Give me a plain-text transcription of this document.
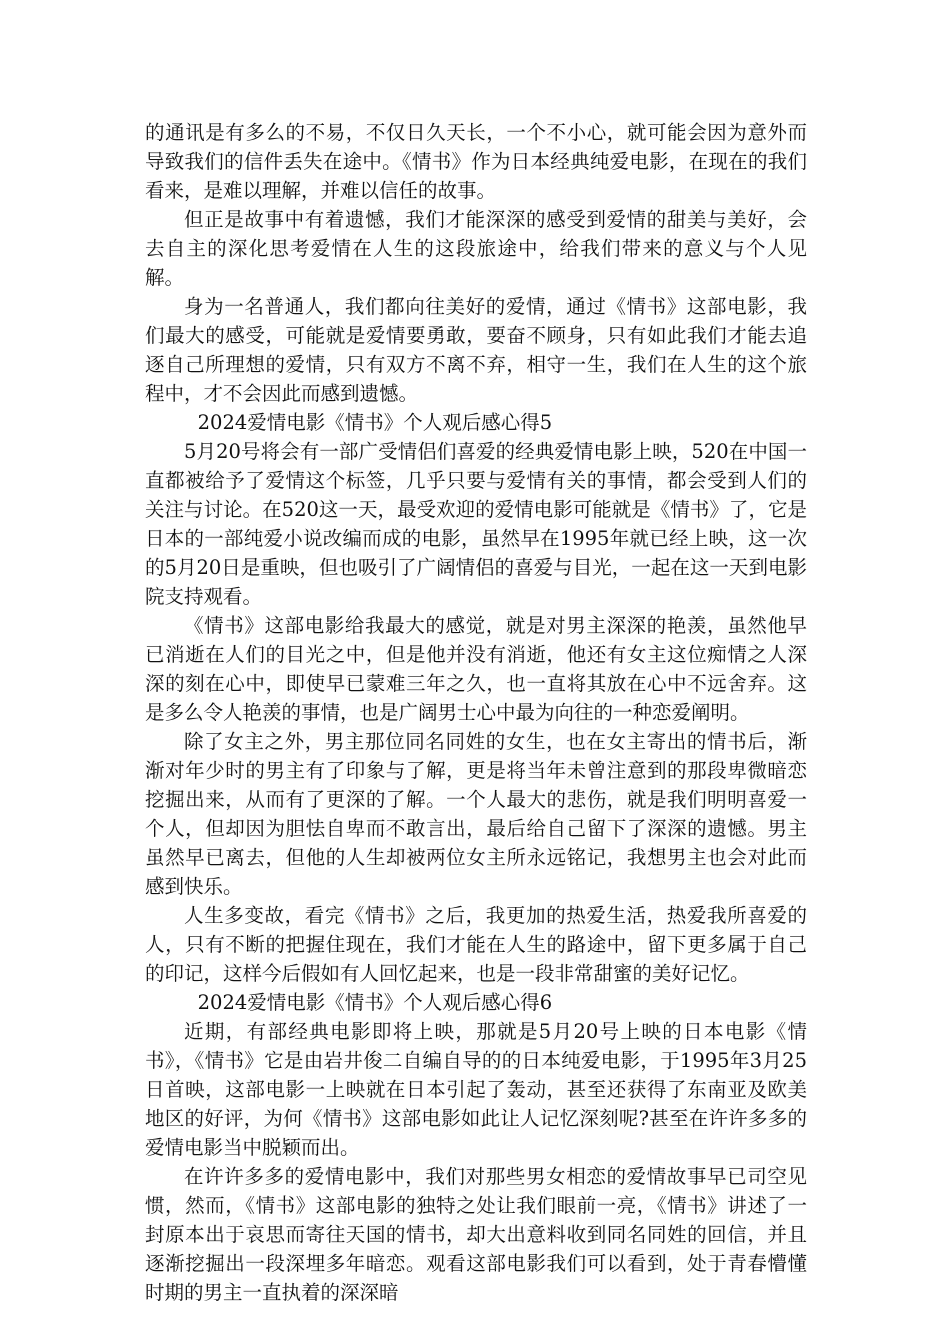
的通讯是有多么的不易，不仅日久天长，一个不小心，就可能会因为意外而导致我们的信件丢失在途中。《情书》作为日本经典纯爱电影，在现在的我们看来，是难以理解，并难以信任的故事。

但正是故事中有着遗憾，我们才能深深的感受到爱情的甜美与美好，会去自主的深化思考爱情在人生的这段旅途中，给我们带来的意义与个人见解。

身为一名普通人，我们都向往美好的爱情，通过《情书》这部电影，我们最大的感受，可能就是爱情要勇敢，要奋不顾身，只有如此我们才能去追逐自己所理想的爱情，只有双方不离不弃，相守一生，我们在人生的这个旅程中，才不会因此而感到遗憾。

2024爱情电影《情书》个人观后感心得5

5月20号将会有一部广受情侣们喜爱的经典爱情电影上映，520在中国一直都被给予了爱情这个标签，几乎只要与爱情有关的事情，都会受到人们的关注与讨论。在520这一天，最受欢迎的爱情电影可能就是《情书》了，它是日本的一部纯爱小说改编而成的电影，虽然早在1995年就已经上映，这一次的5月20日是重映，但也吸引了广阔情侣的喜爱与目光，一起在这一天到电影院支持观看。

《情书》这部电影给我最大的感觉，就是对男主深深的艳羡，虽然他早已消逝在人们的目光之中，但是他并没有消逝，他还有女主这位痴情之人深深的刻在心中，即使早已蒙难三年之久，也一直将其放在心中不远舍弃。这是多么令人艳羡的事情，也是广阔男士心中最为向往的一种恋爱阐明。

除了女主之外，男主那位同名同姓的女生，也在女主寄出的情书后，渐渐对年少时的男主有了印象与了解，更是将当年未曾注意到的那段卑微暗恋挖掘出来，从而有了更深的了解。一个人最大的悲伤，就是我们明明喜爱一个人，但却因为胆怯自卑而不敢言出，最后给自己留下了深深的遗憾。男主虽然早已离去，但他的人生却被两位女主所永远铭记，我想男主也会对此而感到快乐。

人生多变故，看完《情书》之后，我更加的热爱生活，热爱我所喜爱的人，只有不断的把握住现在，我们才能在人生的路途中，留下更多属于自己的印记，这样今后假如有人回忆起来，也是一段非常甜蜜的美好记忆。

2024爱情电影《情书》个人观后感心得6

近期，有部经典电影即将上映，那就是5月20号上映的日本电影《情书》，《情书》它是由岩井俊二自编自导的的日本纯爱电影，于1995年3月25日首映，这部电影一上映就在日本引起了轰动，甚至还获得了东南亚及欧美地区的好评，为何《情书》这部电影如此让人记忆深刻呢?甚至在许许多多的爱情电影当中脱颖而出。

在许许多多的爱情电影中，我们对那些男女相恋的爱情故事早已司空见惯，然而，《情书》这部电影的独特之处让我们眼前一亮，《情书》讲述了一封原本出于哀思而寄往天国的情书，却大出意料收到同名同姓的回信，并且逐渐挖掘出一段深埋多年暗恋。观看这部电影我们可以看到，处于青春懵懂时期的男主一直执着的深深暗
